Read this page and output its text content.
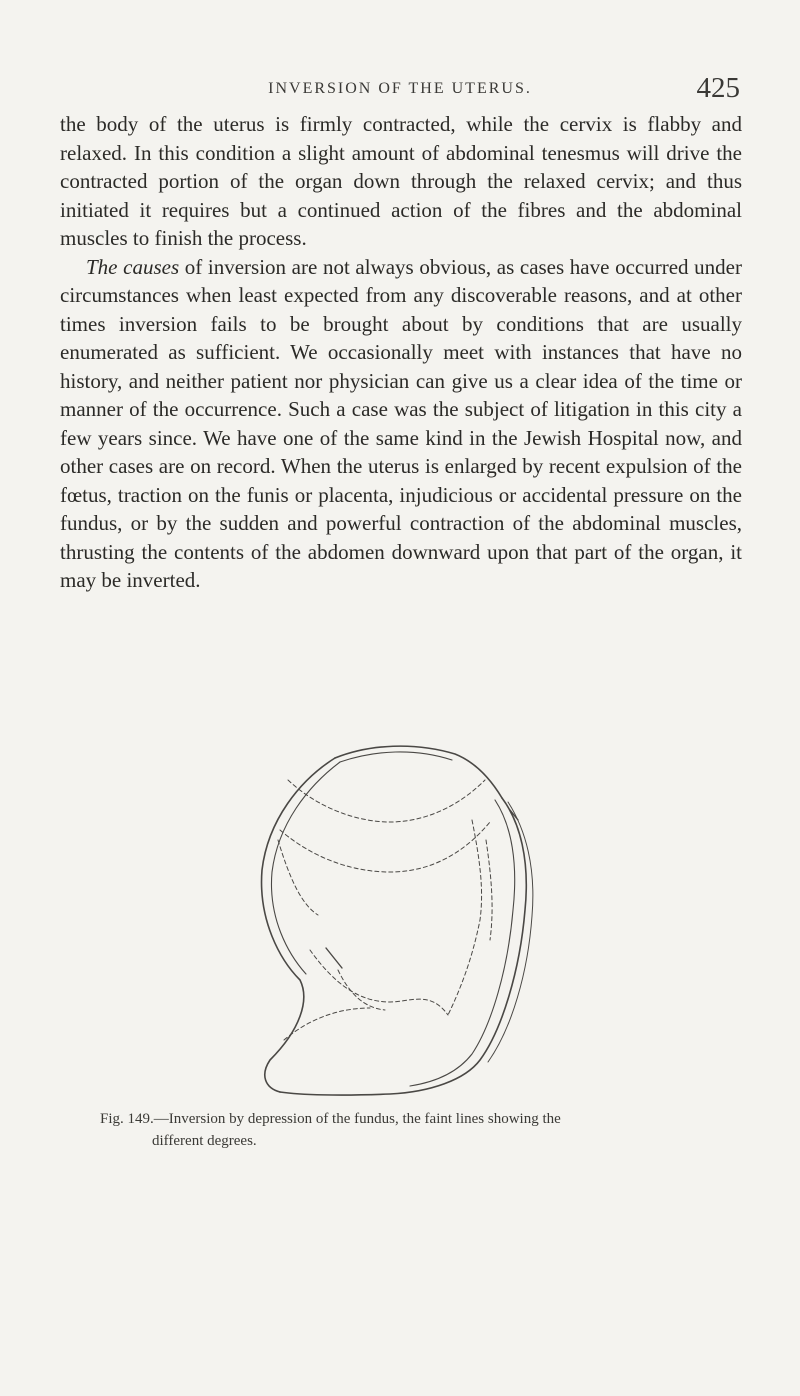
INVERSION OF THE UTERUS.	425

the body of the uterus is firmly contracted, while the cervix is flabby and relaxed. In this condition a slight amount of abdominal tenesmus will drive the contracted portion of the organ down through the relaxed cervix; and thus initiated it requires but a continued action of the fibres and the abdominal muscles to finish the process.

The causes of inversion are not always obvious, as cases have occurred under circumstances when least expected from any discoverable reasons, and at other times inversion fails to be brought about by conditions that are usually enumerated as sufficient. We occasionally meet with instances that have no history, and neither patient nor physician can give us a clear idea of the time or manner of the occurrence. Such a case was the subject of litigation in this city a few years since. We have one of the same kind in the Jewish Hospital now, and other cases are on record. When the uterus is enlarged by recent expulsion of the fœtus, traction on the funis or placenta, injudicious or accidental pressure on the fundus, or by the sudden and powerful contraction of the abdominal muscles, thrusting the contents of the abdomen downward upon that part of the organ, it may be inverted.

Fig. 149.—Inversion by depression of the fundus, the faint lines showing the
different degrees.
